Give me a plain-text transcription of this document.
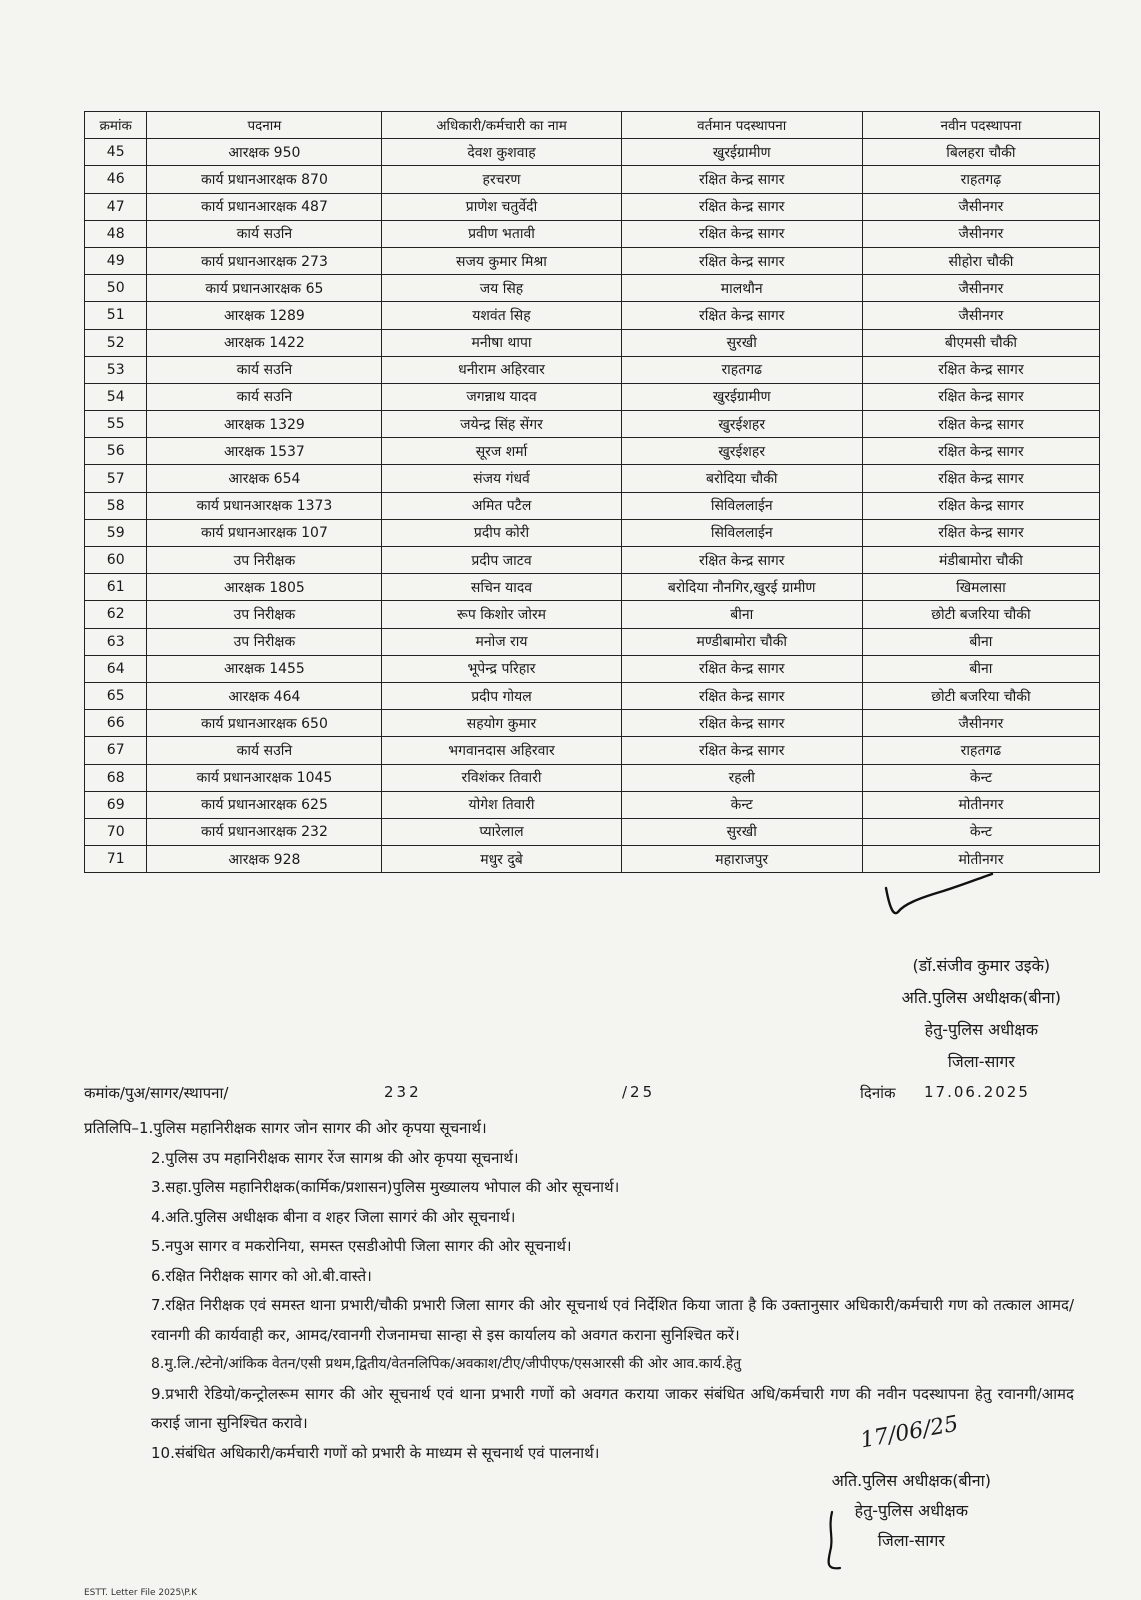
क्रमांक	पदनाम	अधिकारी/कर्मचारी का नाम	वर्तमान पदस्थापना	नवीन पदस्थापना
45	आरक्षक 950	देवश कुशवाह	खुरईग्रामीण	बिलहरा चौकी
46	कार्य प्रधानआरक्षक 870	हरचरण	रक्षित केन्द्र सागर	राहतगढ़
47	कार्य प्रधानआरक्षक 487	प्राणेश चतुर्वेदी	रक्षित केन्द्र सागर	जैसीनगर
48	कार्य सउनि	प्रवीण भतावी	रक्षित केन्द्र सागर	जैसीनगर
49	कार्य प्रधानआरक्षक 273	सजय कुमार मिश्रा	रक्षित केन्द्र सागर	सीहोरा चौकी
50	कार्य प्रधानआरक्षक 65	जय सिह	मालथौन	जैसीनगर
51	आरक्षक 1289	यशवंत सिह	रक्षित केन्द्र सागर	जैसीनगर
52	आरक्षक 1422	मनीषा थापा	सुरखी	बीएमसी चौकी
53	कार्य सउनि	धनीराम अहिरवार	राहतगढ	रक्षित केन्द्र सागर
54	कार्य सउनि	जगन्नाथ यादव	खुरईग्रामीण	रक्षित केन्द्र सागर
55	आरक्षक 1329	जयेन्द्र सिंह सेंगर	खुरईशहर	रक्षित केन्द्र सागर
56	आरक्षक 1537	सूरज शर्मा	खुरईशहर	रक्षित केन्द्र सागर
57	आरक्षक 654	संजय गंधर्व	बरोदिया चौकी	रक्षित केन्द्र सागर
58	कार्य प्रधानआरक्षक 1373	अमित पटैल	सिविललाईन	रक्षित केन्द्र सागर
59	कार्य प्रधानआरक्षक 107	प्रदीप कोरी	सिविललाईन	रक्षित केन्द्र सागर
60	उप निरीक्षक	प्रदीप जाटव	रक्षित केन्द्र सागर	मंडीबामोरा चौकी
61	आरक्षक 1805	सचिन यादव	बरोदिया नौनगिर,खुरई ग्रामीण	खिमलासा
62	उप निरीक्षक	रूप किशोर जोरम	बीना	छोटी बजरिया चौकी
63	उप निरीक्षक	मनोज राय	मण्डीबामोरा चौकी	बीना
64	आरक्षक 1455	भूपेन्द्र परिहार	रक्षित केन्द्र सागर	बीना
65	आरक्षक 464	प्रदीप गोयल	रक्षित केन्द्र सागर	छोटी बजरिया चौकी
66	कार्य प्रधानआरक्षक 650	सहयोग कुमार	रक्षित केन्द्र सागर	जैसीनगर
67	कार्य सउनि	भगवानदास अहिरवार	रक्षित केन्द्र सागर	राहतगढ
68	कार्य प्रधानआरक्षक 1045	रविशंकर तिवारी	रहली	केन्ट
69	कार्य प्रधानआरक्षक 625	योगेश तिवारी	केन्ट	मोतीनगर
70	कार्य प्रधानआरक्षक 232	प्यारेलाल	सुरखी	केन्ट
71	आरक्षक 928	मधुर दुबे	महाराजपुर	मोतीनगर
(डॉ.संजीव कुमार उइके)
अति.पुलिस अधीक्षक(बीना)
हेतु-पुलिस अधीक्षक
जिला-सागर
कमांक/पुअ/सागर/स्थापना/	232	/25	दिनांक 17.06.2025
प्रतिलिपि–1.पुलिस महानिरीक्षक सागर जोन सागर की ओर कृपया सूचनार्थ।
2.पुलिस उप महानिरीक्षक सागर रेंज सागश्र की ओर कृपया सूचनार्थ।
3.सहा.पुलिस महानिरीक्षक(कार्मिक/प्रशासन)पुलिस मुख्यालय भोपाल की ओर सूचनार्थ।
4.अति.पुलिस अधीक्षक बीना व शहर जिला सागरं की ओर सूचनार्थ।
5.नपुअ सागर व मकरोनिया, समस्त एसडीओपी जिला सागर की ओर सूचनार्थ।
6.रक्षित निरीक्षक सागर को ओ.बी.वास्ते।
7.रक्षित निरीक्षक एवं समस्त थाना प्रभारी/चौकी प्रभारी जिला सागर की ओर सूचनार्थ एवं निर्देशित किया जाता है कि उक्तानुसार अधिकारी/कर्मचारी गण को तत्काल आमद/रवानगी की कार्यवाही कर, आमद/रवानगी रोजनामचा सान्हा से इस कार्यालय को अवगत कराना सुनिश्चित करें।
8.मु.लि./स्टेनो/आंकिक वेतन/एसी प्रथम,द्वितीय/वेतनलिपिक/अवकाश/टीए/जीपीएफ/एसआरसी की ओर आव.कार्य.हेतु
9.प्रभारी रेडियो/कन्ट्रोलरूम सागर की ओर सूचनार्थ एवं थाना प्रभारी गणों को अवगत कराया जाकर संबंधित अधि/कर्मचारी गण की नवीन पदस्थापना हेतु रवानगी/आमद कराई जाना सुनिश्चित करावे।
10.संबंधित अधिकारी/कर्मचारी गणों को प्रभारी के माध्यम से सूचनार्थ एवं पालनार्थ।	17/06/25
अति.पुलिस अधीक्षक(बीना)
हेतु-पुलिस अधीक्षक
जिला-सागर
ESTT. Letter File 2025\P.K
